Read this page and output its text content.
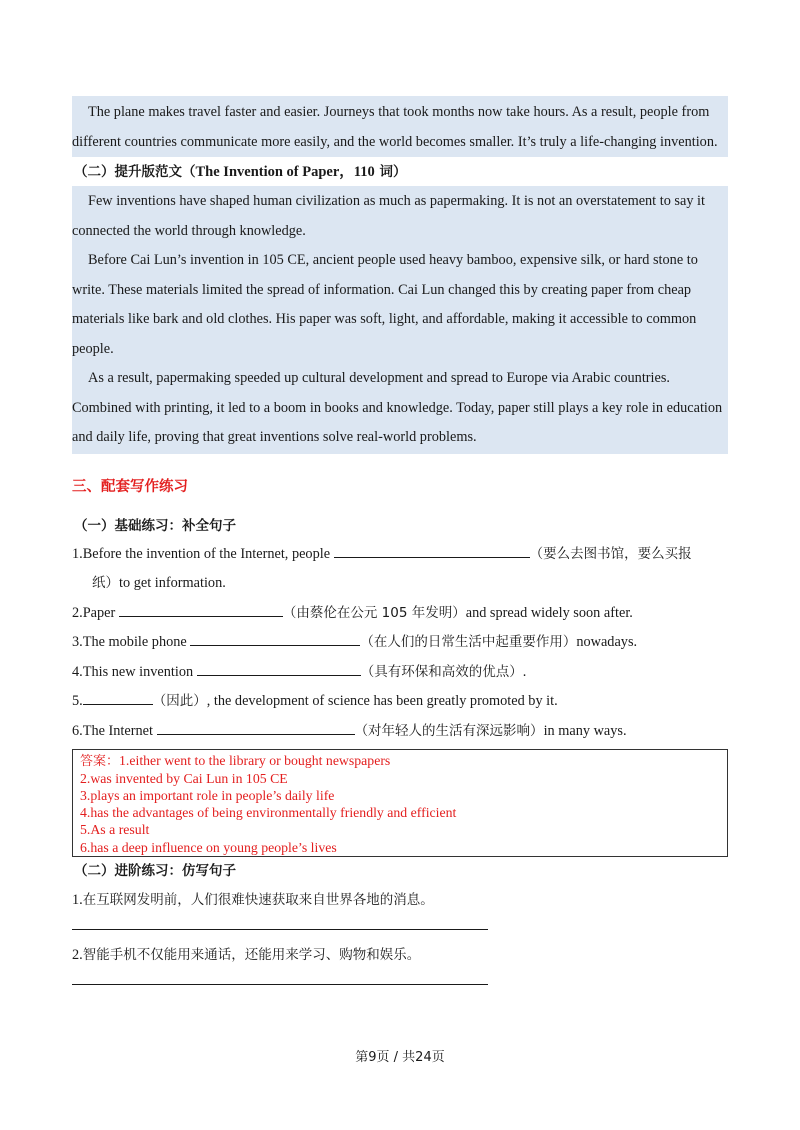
The plane makes travel faster and easier. Journeys that took months now take hours. As a result, people from different countries communicate more easily, and the world becomes smaller. It’s truly a life-changing invention.

（二）提升版范文（The Invention of Paper，110 词）

Few inventions have shaped human civilization as much as papermaking. It is not an overstatement to say it connected the world through knowledge.

Before Cai Lun’s invention in 105 CE, ancient people used heavy bamboo, expensive silk, or hard stone to write. These materials limited the spread of information. Cai Lun changed this by creating paper from cheap materials like bark and old clothes. His paper was soft, light, and affordable, making it accessible to common people.

As a result, papermaking speeded up cultural development and spread to Europe via Arabic countries. Combined with printing, it led to a boom in books and knowledge. Today, paper still plays a key role in education and daily life, proving that great inventions solve real-world problems.

三、配套写作练习
（一）基础练习：补全句子

1.Before the invention of the Internet, people	（要么去图书馆，要么买报
纸）to get information.

2.Paper	（由蔡伦在公元 105 年发明）and spread widely soon after.

3.The mobile phone	（在人们的日常生活中起重要作用）nowadays.

4.This new invention	（具有环保和高效的优点）.

5.	（因此）, the development of science has been greatly promoted by it.

6.The Internet	（对年轻人的生活有深远影响）in many ways.

答案：1.either went to the library or bought newspapers
2.was invented by Cai Lun in 105 CE
3.plays an important role in people’s daily life
4.has the advantages of being environmentally friendly and efficient
5.As a result
6.has a deep influence on young people’s lives
（二）进阶练习：仿写句子
1.在互联网发明前，人们很难快速获取来自世界各地的消息。
2.智能手机不仅能用来通话，还能用来学习、购物和娱乐。
第9页 / 共24页
